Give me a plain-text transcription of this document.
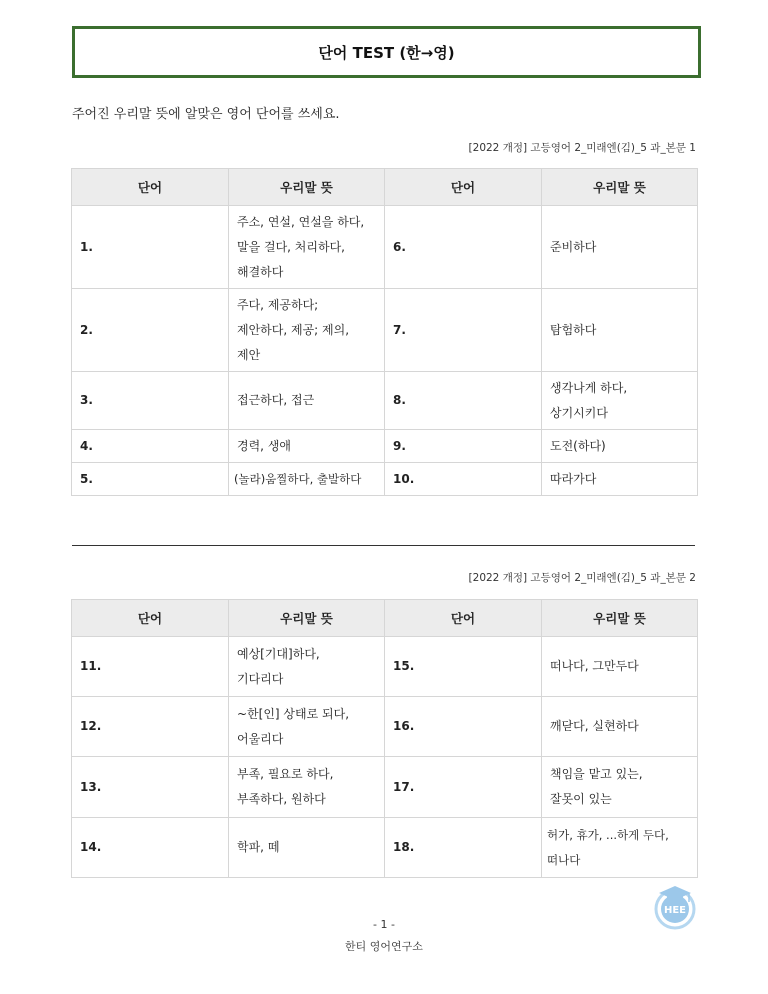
단어 TEST (한→영)
주어진 우리말 뜻에 알맞은 영어 단어를 쓰세요.
[2022 개정] 고등영어 2_미래엔(김)_5 과_본문 1
단어	우리말 뜻	단어	우리말 뜻
1.	주소, 연설, 연설을 하다,
말을 걸다, 처리하다,
해결하다	6.	준비하다
2.	주다, 제공하다;
제안하다, 제공; 제의,
제안	7.	탐험하다
3.	접근하다, 접근	8.	생각나게 하다,
상기시키다
4.	경력, 생애	9.	도전(하다)
5.	(놀라)움찔하다, 출발하다	10.	따라가다
[2022 개정] 고등영어 2_미래엔(김)_5 과_본문 2
단어	우리말 뜻	단어	우리말 뜻
11.	예상[기대]하다,
기다리다	15.	떠나다, 그만두다
12.	~한[인] 상태로 되다,
어울리다	16.	깨닫다, 실현하다
13.	부족, 필요로 하다,
부족하다, 원하다	17.	책임을 맡고 있는,
잘못이 있는
14.	학파, 떼	18.	허가, 휴가, ...하게 두다,
떠나다
HEE
- 1 -
한티 영어연구소
